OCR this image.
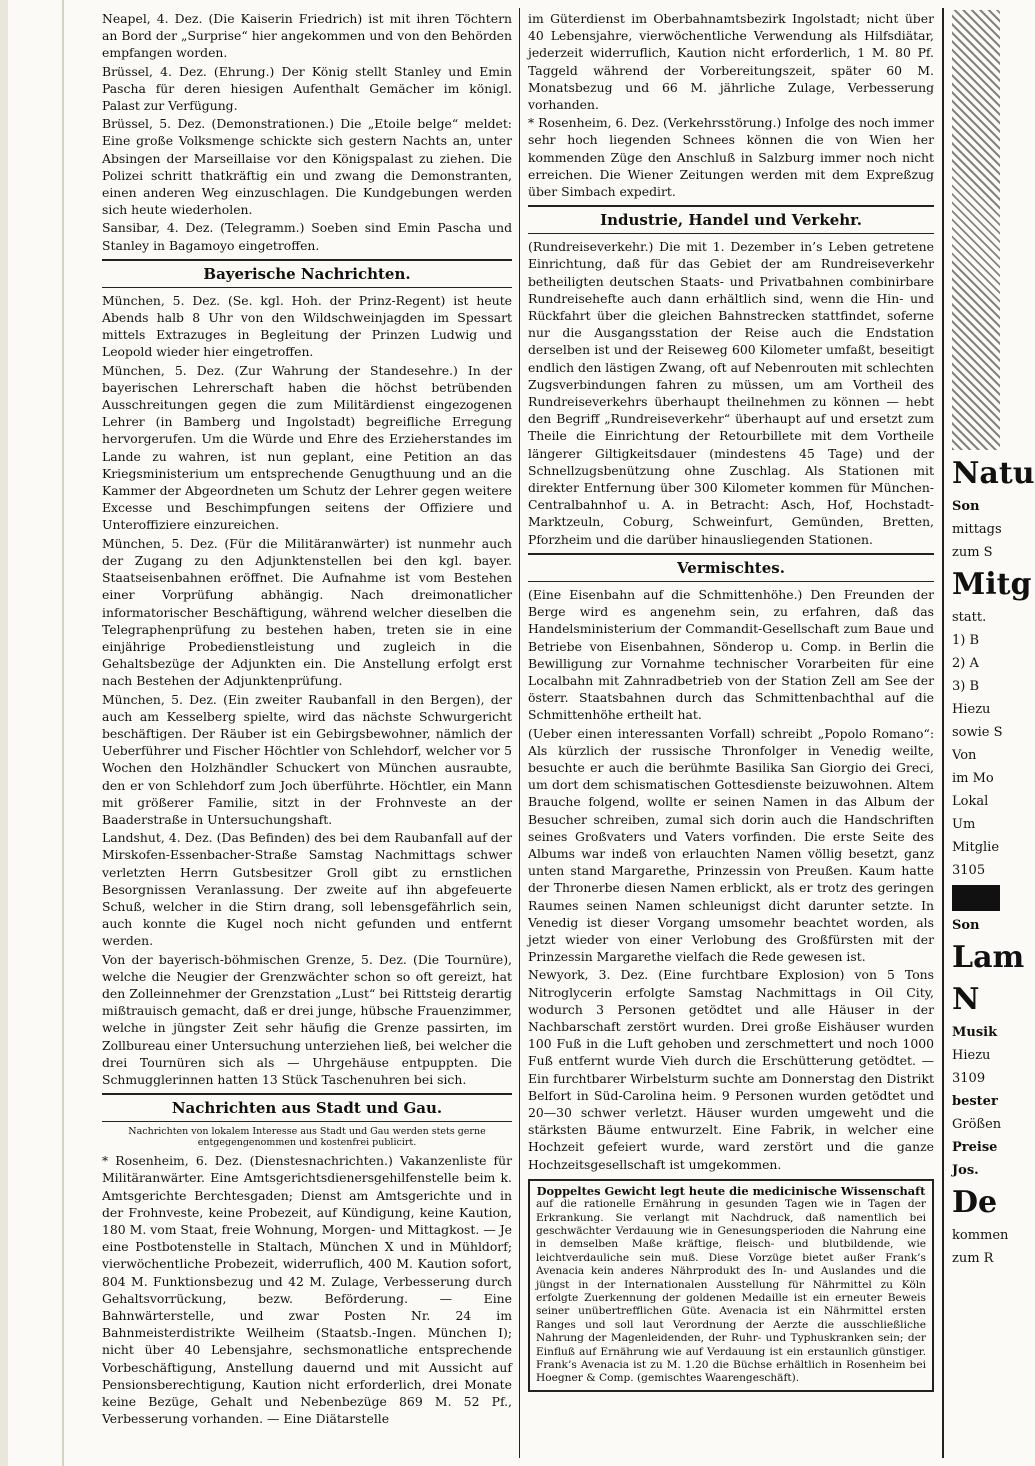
Neapel, 4. Dez. (Die Kaiserin Friedrich) ist mit ihren Töchtern an Bord der „Surprise“ hier angekommen und von den Behörden empfangen worden.

Brüssel, 4. Dez. (Ehrung.) Der König stellt Stanley und Emin Pascha für deren hiesigen Aufenthalt Gemächer im königl. Palast zur Verfügung.

Brüssel, 5. Dez. (Demonstrationen.) Die „Etoile belge“ meldet: Eine große Volksmenge schickte sich gestern Nachts an, unter Absingen der Marseillaise vor den Königspalast zu ziehen. Die Polizei schritt thatkräftig ein und zwang die Demonstranten, einen anderen Weg einzuschlagen. Die Kundgebungen werden sich heute wiederholen.

Sansibar, 4. Dez. (Telegramm.) Soeben sind Emin Pascha und Stanley in Bagamoyo eingetroffen.

Bayerische Nachrichten.

München, 5. Dez. (Se. kgl. Hoh. der Prinz-Regent) ist heute Abends halb 8 Uhr von den Wildschweinjagden im Spessart mittels Extrazuges in Begleitung der Prinzen Ludwig und Leopold wieder hier eingetroffen.

München, 5. Dez. (Zur Wahrung der Standesehre.) In der bayerischen Lehrerschaft haben die höchst betrübenden Ausschreitungen gegen die zum Militärdienst eingezogenen Lehrer (in Bamberg und Ingolstadt) begreifliche Erregung hervorgerufen. Um die Würde und Ehre des Erzieherstandes im Lande zu wahren, ist nun geplant, eine Petition an das Kriegsministerium um entsprechende Genugthuung und an die Kammer der Abgeordneten um Schutz der Lehrer gegen weitere Excesse und Beschimpfungen seitens der Offiziere und Unteroffiziere einzureichen.

München, 5. Dez. (Für die Militäranwärter) ist nunmehr auch der Zugang zu den Adjunktenstellen bei den kgl. bayer. Staatseisenbahnen eröffnet. Die Aufnahme ist vom Bestehen einer Vorprüfung abhängig. Nach dreimonatlicher informatorischer Beschäftigung, während welcher dieselben die Telegraphenprüfung zu bestehen haben, treten sie in eine einjährige Probedienstleistung und zugleich in die Gehaltsbezüge der Adjunkten ein. Die Anstellung erfolgt erst nach Bestehen der Adjunktenprüfung.

München, 5. Dez. (Ein zweiter Raubanfall in den Bergen), der auch am Kesselberg spielte, wird das nächste Schwurgericht beschäftigen. Der Räuber ist ein Gebirgsbewohner, nämlich der Ueberführer und Fischer Höchtler von Schlehdorf, welcher vor 5 Wochen den Holzhändler Schuckert von München ausraubte, den er von Schlehdorf zum Joch überführte. Höchtler, ein Mann mit größerer Familie, sitzt in der Frohnveste an der Baaderstraße in Untersuchungshaft.

Landshut, 4. Dez. (Das Befinden) des bei dem Raubanfall auf der Mirskofen-Essenbacher-Straße Samstag Nachmittags schwer verletzten Herrn Gutsbesitzer Groll gibt zu ernstlichen Besorgnissen Veranlassung. Der zweite auf ihn abgefeuerte Schuß, welcher in die Stirn drang, soll lebensgefährlich sein, auch konnte die Kugel noch nicht gefunden und entfernt werden.

Von der bayerisch-böhmischen Grenze, 5. Dez. (Die Tournüre), welche die Neugier der Grenzwächter schon so oft gereizt, hat den Zolleinnehmer der Grenzstation „Lust“ bei Rittsteig derartig mißtrauisch gemacht, daß er drei junge, hübsche Frauenzimmer, welche in jüngster Zeit sehr häufig die Grenze passirten, im Zollbureau einer Untersuchung unterziehen ließ, bei welcher die drei Tournüren sich als — Uhrgehäuse entpuppten. Die Schmugglerinnen hatten 13 Stück Taschenuhren bei sich.

Nachrichten aus Stadt und Gau.
Nachrichten von lokalem Interesse aus Stadt und Gau werden stets gerne entgegengenommen und kostenfrei publicirt.

* Rosenheim, 6. Dez. (Dienstesnachrichten.) Vakanzenliste für Militäranwärter. Eine Amtsgerichtsdienersgehilfenstelle beim k. Amtsgerichte Berchtesgaden; Dienst am Amtsgerichte und in der Frohnveste, keine Probezeit, auf Kündigung, keine Kaution, 180 M. vom Staat, freie Wohnung, Morgen- und Mittagkost. — Je eine Postbotenstelle in Staltach, München X und in Mühldorf; vierwöchentliche Probezeit, widerruflich, 400 M. Kaution sofort, 804 M. Funktionsbezug und 42 M. Zulage, Verbesserung durch Gehaltsvorrückung, bezw. Beförderung. — Eine Bahnwärterstelle, und zwar Posten Nr. 24 im Bahnmeisterdistrikte Weilheim (Staatsb.-Ingen. München I); nicht über 40 Lebensjahre, sechsmonatliche entsprechende Vorbeschäftigung, Anstellung dauernd und mit Aussicht auf Pensionsberechtigung, Kaution nicht erforderlich, drei Monate keine Bezüge, Gehalt und Nebenbezüge 869 M. 52 Pf., Verbesserung vorhanden. — Eine Diätarstelle

im Güterdienst im Oberbahnamtsbezirk Ingolstadt; nicht über 40 Lebensjahre, vierwöchentliche Verwendung als Hilfsdiätar, jederzeit widerruflich, Kaution nicht erforderlich, 1 M. 80 Pf. Taggeld während der Vorbereitungszeit, später 60 M. Monatsbezug und 66 M. jährliche Zulage, Verbesserung vorhanden.

* Rosenheim, 6. Dez. (Verkehrsstörung.) Infolge des noch immer sehr hoch liegenden Schnees können die von Wien her kommenden Züge den Anschluß in Salzburg immer noch nicht erreichen. Die Wiener Zeitungen werden mit dem Expreßzug über Simbach expedirt.

Industrie, Handel und Verkehr.

(Rundreiseverkehr.) Die mit 1. Dezember in’s Leben getretene Einrichtung, daß für das Gebiet der am Rundreiseverkehr betheiligten deutschen Staats- und Privatbahnen combinirbare Rundreisehefte auch dann erhältlich sind, wenn die Hin- und Rückfahrt über die gleichen Bahnstrecken stattfindet, soferne nur die Ausgangsstation der Reise auch die Endstation derselben ist und der Reiseweg 600 Kilometer umfaßt, beseitigt endlich den lästigen Zwang, oft auf Nebenrouten mit schlechten Zugsverbindungen fahren zu müssen, um am Vortheil des Rundreiseverkehrs überhaupt theilnehmen zu können — hebt den Begriff „Rundreiseverkehr“ überhaupt auf und ersetzt zum Theile die Einrichtung der Retourbillete mit dem Vortheile längerer Giltigkeitsdauer (mindestens 45 Tage) und der Schnellzugsbenützung ohne Zuschlag. Als Stationen mit direkter Entfernung über 300 Kilometer kommen für München-Centralbahnhof u. A. in Betracht: Asch, Hof, Hochstadt-Marktzeuln, Coburg, Schweinfurt, Gemünden, Bretten, Pforzheim und die darüber hinausliegenden Stationen.

Vermischtes.

(Eine Eisenbahn auf die Schmittenhöhe.) Den Freunden der Berge wird es angenehm sein, zu erfahren, daß das Handelsministerium der Commandit-Gesellschaft zum Baue und Betriebe von Eisenbahnen, Sönderop u. Comp. in Berlin die Bewilligung zur Vornahme technischer Vorarbeiten für eine Localbahn mit Zahnradbetrieb von der Station Zell am See der österr. Staatsbahnen durch das Schmittenbachthal auf die Schmittenhöhe ertheilt hat.

(Ueber einen interessanten Vorfall) schreibt „Popolo Romano“: Als kürzlich der russische Thronfolger in Venedig weilte, besuchte er auch die berühmte Basilika San Giorgio dei Greci, um dort dem schismatischen Gottesdienste beizuwohnen. Altem Brauche folgend, wollte er seinen Namen in das Album der Besucher schreiben, zumal sich dorin auch die Handschriften seines Großvaters und Vaters vorfinden. Die erste Seite des Albums war indeß von erlauchten Namen völlig besetzt, ganz unten stand Margarethe, Prinzessin von Preußen. Kaum hatte der Thronerbe diesen Namen erblickt, als er trotz des geringen Raumes seinen Namen schleunigst dicht darunter setzte. In Venedig ist dieser Vorgang umsomehr beachtet worden, als jetzt wieder von einer Verlobung des Großfürsten mit der Prinzessin Margarethe vielfach die Rede gewesen ist.

Newyork, 3. Dez. (Eine furchtbare Explosion) von 5 Tons Nitroglycerin erfolgte Samstag Nachmittags in Oil City, wodurch 3 Personen getödtet und alle Häuser in der Nachbarschaft zerstört wurden. Drei große Eishäuser wurden 100 Fuß in die Luft gehoben und zerschmettert und noch 1000 Fuß entfernt wurde Vieh durch die Erschütterung getödtet. — Ein furchtbarer Wirbelsturm suchte am Donnerstag den Distrikt Belfort in Süd-Carolina heim. 9 Personen wurden getödtet und 20—30 schwer verletzt. Häuser wurden umgeweht und die stärksten Bäume entwurzelt. Eine Fabrik, in welcher eine Hochzeit gefeiert wurde, ward zerstört und die ganze Hochzeitsgesellschaft ist umgekommen.

Doppeltes Gewicht legt heute die medicinische Wissenschaft
auf die rationelle Ernährung in gesunden Tagen wie in Tagen der Erkrankung. Sie verlangt mit Nachdruck, daß namentlich bei geschwächter Verdauung wie in Genesungsperioden die Nahrung eine in demselben Maße kräftige, fleisch- und blutbildende, wie leichtverdauliche sein muß. Diese Vorzüge bietet außer Frank’s Avenacia kein anderes Nährprodukt des In- und Auslandes und die jüngst in der Internationalen Ausstellung für Nährmittel zu Köln erfolgte Zuerkennung der goldenen Medaille ist ein erneuter Beweis seiner unübertrefflichen Güte. Avenacia ist ein Nährmittel ersten Ranges und soll laut Verordnung der Aerzte die ausschließliche Nahrung der Magenleidenden, der Ruhr- und Typhuskranken sein; der Einfluß auf Ernährung wie auf Verdauung ist ein erstaunlich günstiger. Frank’s Avenacia ist zu M. 1.20 die Büchse erhältlich in Rosenheim bei Hoegner & Comp. (gemischtes Waarengeschäft).

Natu

Son

mittags

zum S

Mitg

statt.

1) B

2) A

3) B

Hiezu

sowie S

Von

im Mo

Lokal

Um

Mitglie

3105

Son

Lam

N

Musik

Hiezu

3109

bester

Größen

Preise

Jos.

De

kommen

zum R
